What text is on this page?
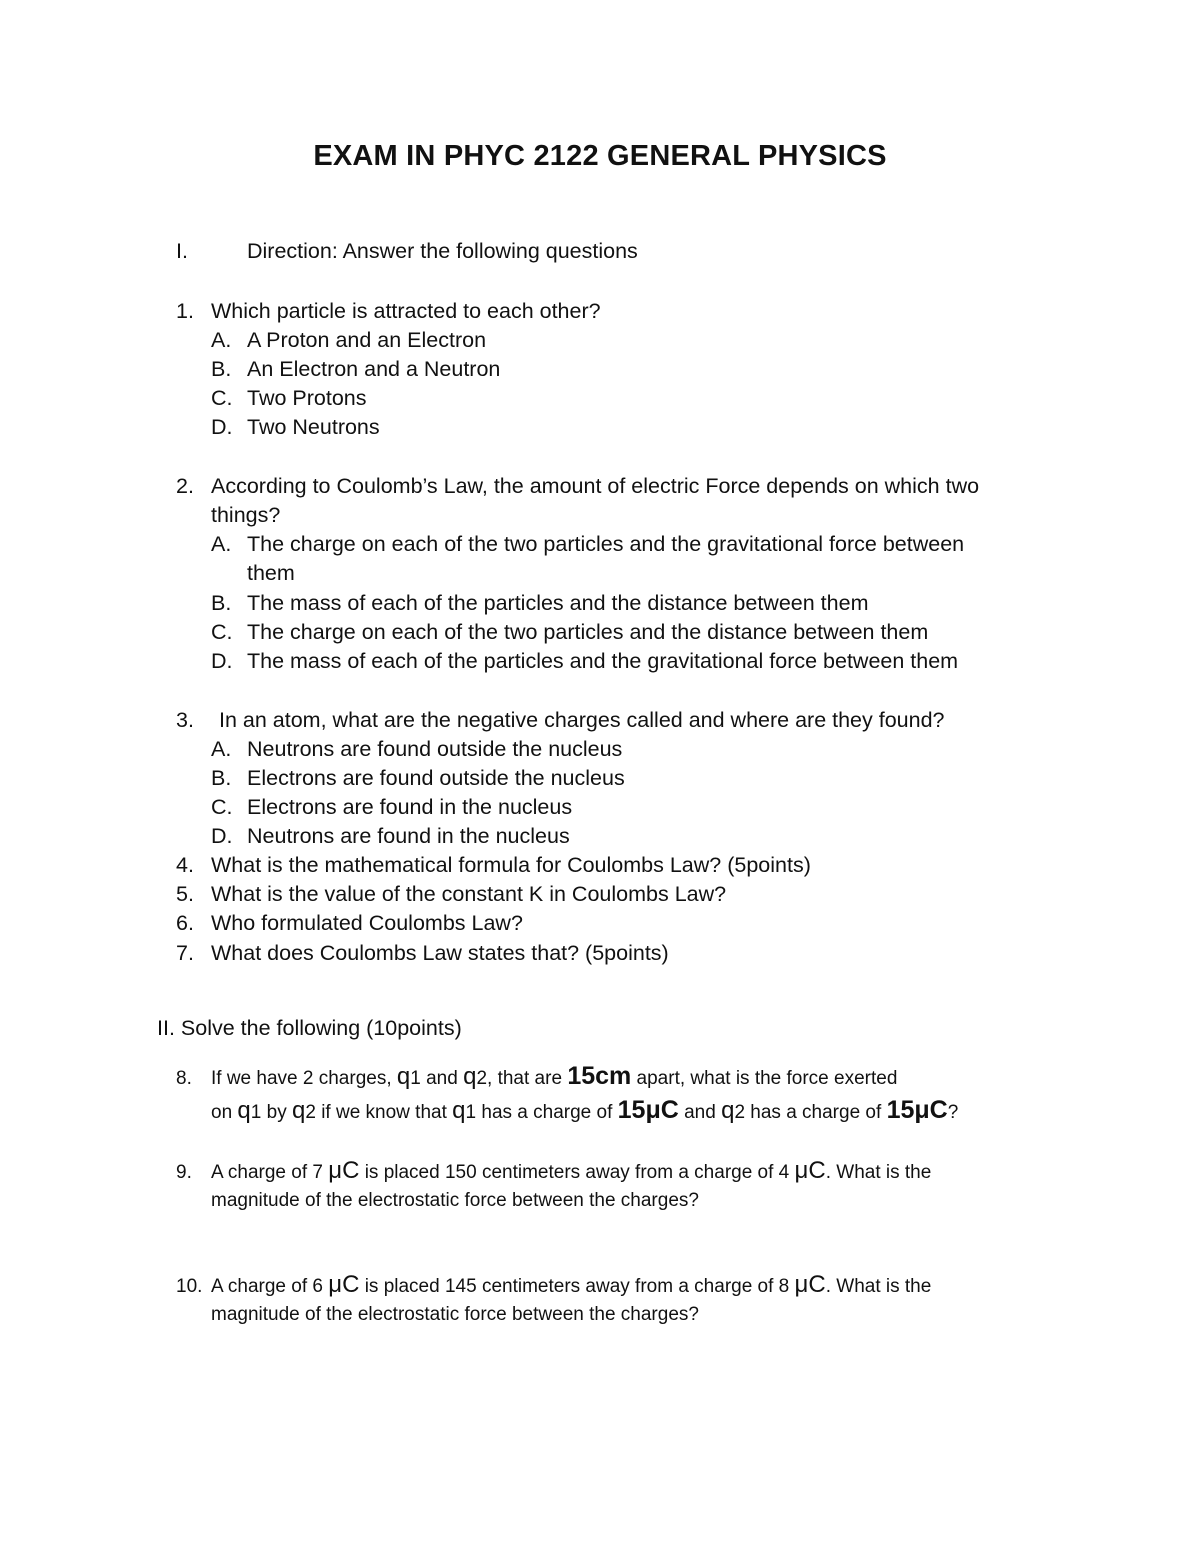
EXAM IN PHYC 2122 GENERAL PHYSICS
I.	Direction: Answer the following questions
1. Which particle is attracted to each other?
A. A Proton and an Electron
B. An Electron and a Neutron
C. Two Protons
D. Two Neutrons
2. According to Coulomb’s Law, the amount of electric Force depends on which two
things?
A. The charge on each of the two particles and the gravitational force between
them
B. The mass of each of the particles and the distance between them
C. The charge on each of the two particles and the distance between them
D. The mass of each of the particles and the gravitational force between them
3.	In an atom, what are the negative charges called and where are they found?
A. Neutrons are found outside the nucleus
B. Electrons are found outside the nucleus
C. Electrons are found in the nucleus
D. Neutrons are found in the nucleus
4. What is the mathematical formula for Coulombs Law? (5points)
5. What is the value of the constant K in Coulombs Law?
6. Who formulated Coulombs Law?
7. What does Coulombs Law states that? (5points)
II. Solve the following (10points)
8.	If we have 2 charges, q1 and q2, that are 15cm apart, what is the force exerted
on q1 by q2 if we know that q1 has a charge of 15μC and q2 has a charge of 15μC?
9.	A charge of 7 μC is placed 150 centimeters away from a charge of 4 μC. What is the
magnitude of the electrostatic force between the charges?
10. A charge of 6 μC is placed 145 centimeters away from a charge of 8 μC. What is the
magnitude of the electrostatic force between the charges?
